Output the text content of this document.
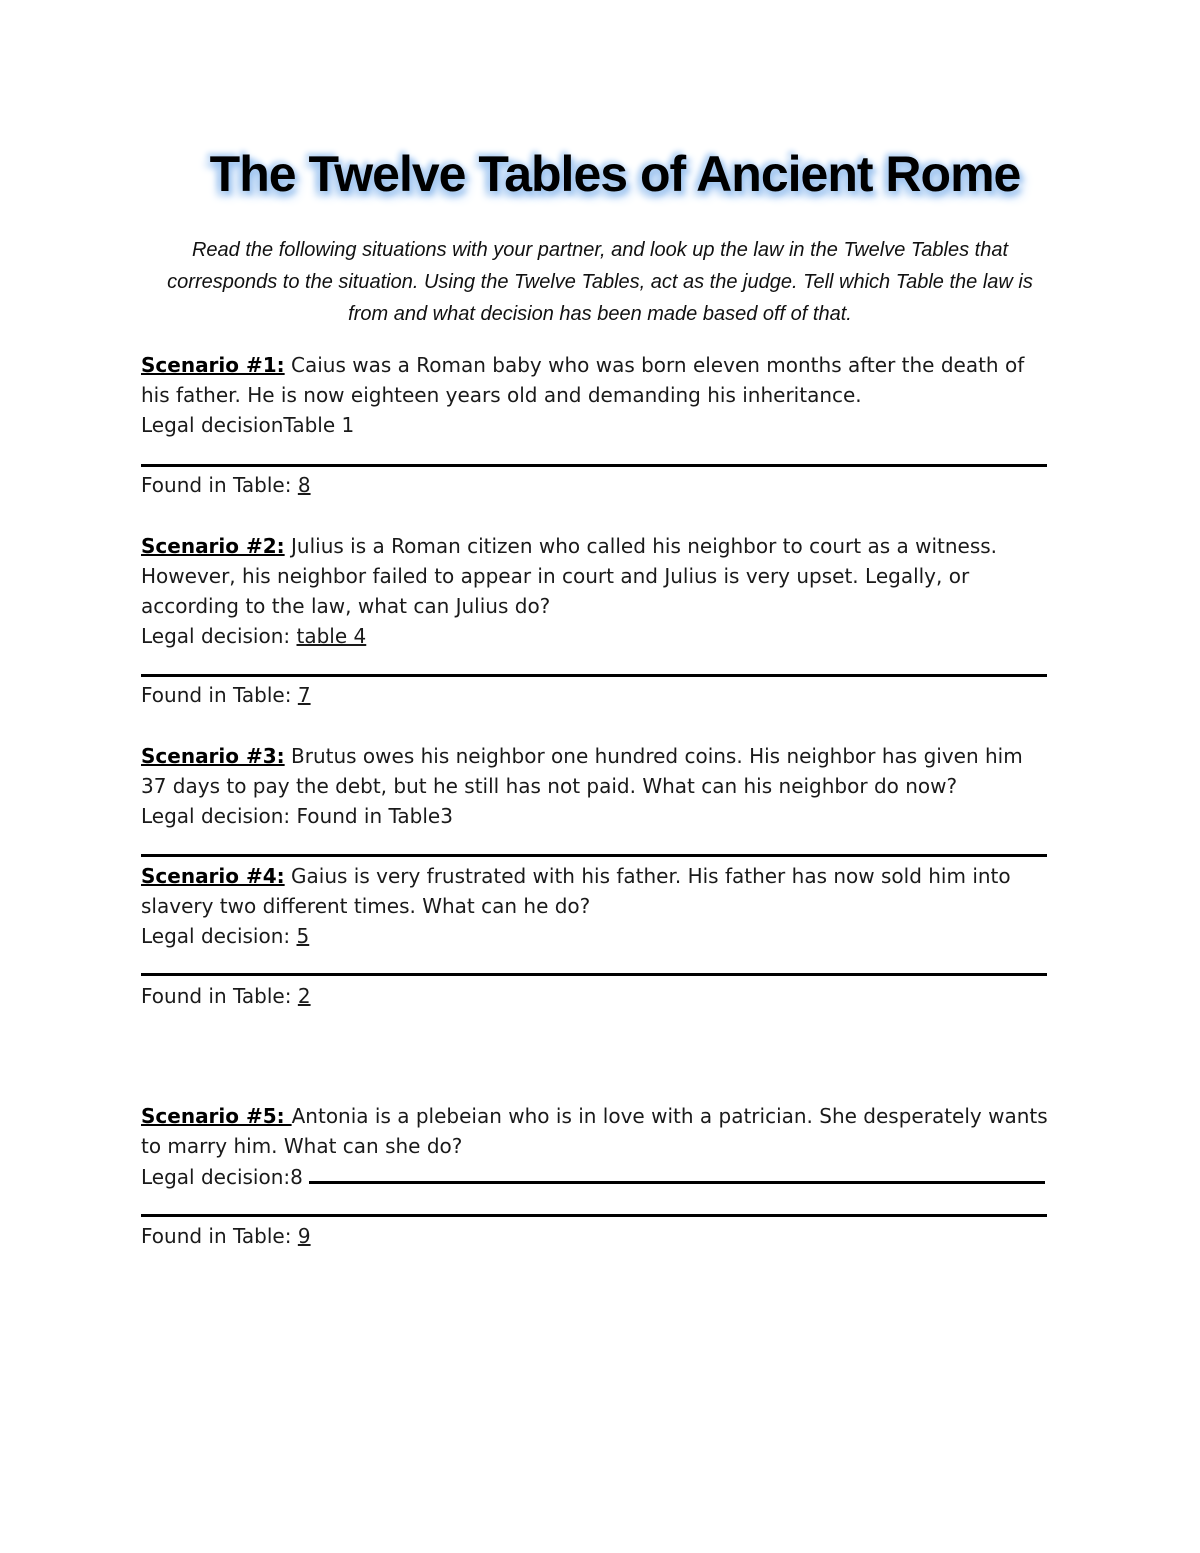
The Twelve Tables of Ancient Rome
Read the following situations with your partner, and look up the law in the Twelve Tables that corresponds to the situation. Using the Twelve Tables, act as the judge. Tell which Table the law is from and what decision has been made based off of that.
Scenario #1: Caius was a Roman baby who was born eleven months after the death of his father. He is now eighteen years old and demanding his inheritance.
Legal decisionTable 1
Found in Table: 8
Scenario #2: Julius is a Roman citizen who called his neighbor to court as a witness. However, his neighbor failed to appear in court and Julius is very upset. Legally, or according to the law, what can Julius do?
Legal decision: table 4
Found in Table: 7
Scenario #3: Brutus owes his neighbor one hundred coins. His neighbor has given him 37 days to pay the debt, but he still has not paid. What can his neighbor do now?
Legal decision: Found in Table3
Scenario #4: Gaius is very frustrated with his father. His father has now sold him into slavery two different times. What can he do?
Legal decision: 5
Found in Table: 2
Scenario #5: Antonia is a plebeian who is in love with a patrician. She desperately wants to marry him. What can she do?
Legal decision:8
Found in Table: 9
